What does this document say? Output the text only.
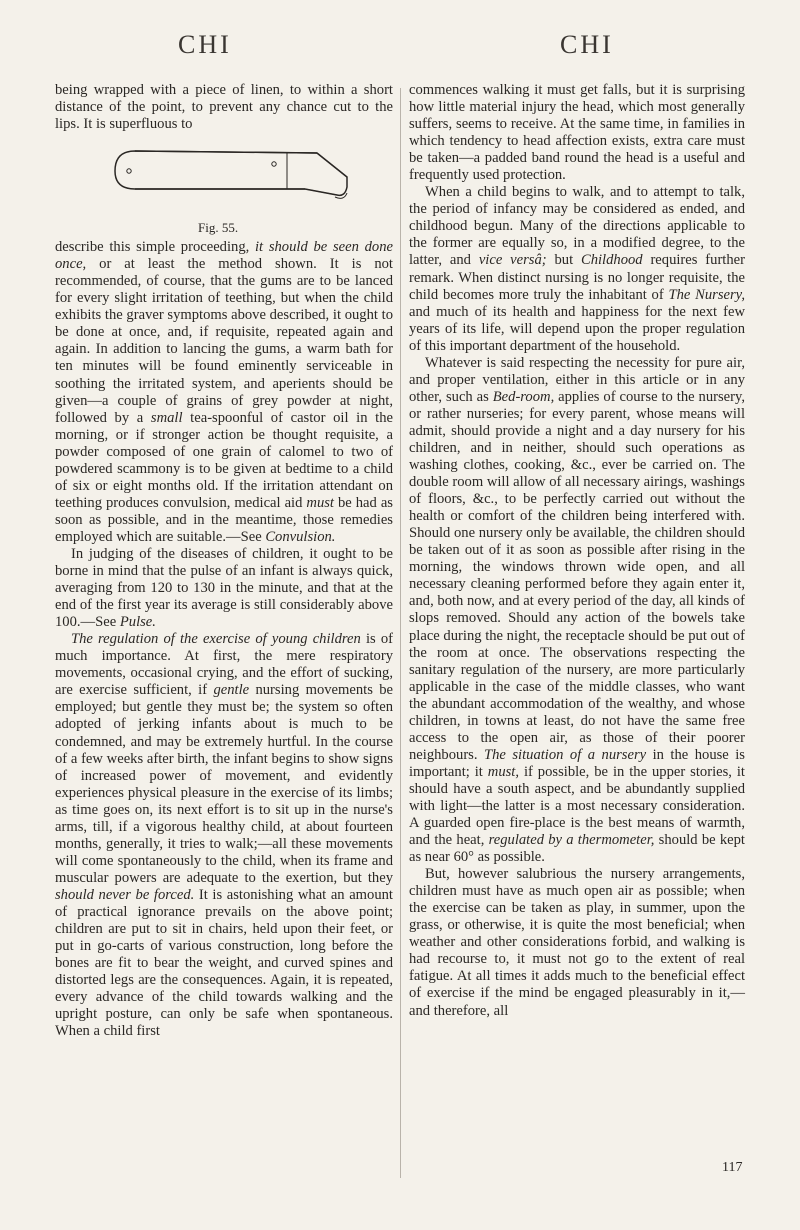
CHI	CHI

being wrapped with a piece of linen, to within a short distance of the point, to prevent any chance cut to the lips. It is superfluous to

Fig. 55.

describe this simple proceeding, it should be seen done once, or at least the method shown. It is not recommended, of course, that the gums are to be lanced for every slight irritation of teething, but when the child exhibits the graver symptoms above described, it ought to be done at once, and, if requisite, repeated again and again. In addition to lancing the gums, a warm bath for ten minutes will be found eminently serviceable in soothing the irritated system, and aperients should be given—a couple of grains of grey powder at night, followed by a small tea-spoonful of castor oil in the morning, or if stronger action be thought requisite, a powder composed of one grain of calomel to two of powdered scammony is to be given at bedtime to a child of six or eight months old. If the irritation attendant on teething produces convulsion, medical aid must be had as soon as possible, and in the meantime, those remedies employed which are suitable.—See Convulsion.

In judging of the diseases of children, it ought to be borne in mind that the pulse of an infant is always quick, averaging from 120 to 130 in the minute, and that at the end of the first year its average is still considerably above 100.—See Pulse.

The regulation of the exercise of young children is of much importance. At first, the mere respiratory movements, occasional crying, and the effort of sucking, are exercise sufficient, if gentle nursing movements be employed; but gentle they must be; the system so often adopted of jerking infants about is much to be condemned, and may be extremely hurtful. In the course of a few weeks after birth, the infant begins to show signs of increased power of movement, and evidently experiences physical pleasure in the exercise of its limbs; as time goes on, its next effort is to sit up in the nurse's arms, till, if a vigorous healthy child, at about fourteen months, generally, it tries to walk;—all these movements will come spontaneously to the child, when its frame and muscular powers are adequate to the exertion, but they should never be forced. It is astonishing what an amount of practical ignorance prevails on the above point; children are put to sit in chairs, held upon their feet, or put in go-carts of various construction, long before the bones are fit to bear the weight, and curved spines and distorted legs are the consequences. Again, it is repeated, every advance of the child towards walking and the upright posture, can only be safe when spontaneous. When a child first

commences walking it must get falls, but it is surprising how little material injury the head, which most generally suffers, seems to receive. At the same time, in families in which tendency to head affection exists, extra care must be taken—a padded band round the head is a useful and frequently used protection.

When a child begins to walk, and to attempt to talk, the period of infancy may be considered as ended, and childhood begun. Many of the directions applicable to the former are equally so, in a modified degree, to the latter, and vice versâ; but Childhood requires further remark. When distinct nursing is no longer requisite, the child becomes more truly the inhabitant of The Nursery, and much of its health and happiness for the next few years of its life, will depend upon the proper regulation of this important department of the household.

Whatever is said respecting the necessity for pure air, and proper ventilation, either in this article or in any other, such as Bed-room, applies of course to the nursery, or rather nurseries; for every parent, whose means will admit, should provide a night and a day nursery for his children, and in neither, should such operations as washing clothes, cooking, &c., ever be carried on. The double room will allow of all necessary airings, washings of floors, &c., to be perfectly carried out without the health or comfort of the children being interfered with. Should one nursery only be available, the children should be taken out of it as soon as possible after rising in the morning, the windows thrown wide open, and all necessary cleaning performed before they again enter it, and, both now, and at every period of the day, all kinds of slops removed. Should any action of the bowels take place during the night, the receptacle should be put out of the room at once. The observations respecting the sanitary regulation of the nursery, are more particularly applicable in the case of the middle classes, who want the abundant accommodation of the wealthy, and whose children, in towns at least, do not have the same free access to the open air, as those of their poorer neighbours. The situation of a nursery in the house is important; it must, if possible, be in the upper stories, it should have a south aspect, and be abundantly supplied with light—the latter is a most necessary consideration. A guarded open fire-place is the best means of warmth, and the heat, regulated by a thermometer, should be kept as near 60° as possible.

But, however salubrious the nursery arrangements, children must have as much open air as possible; when the exercise can be taken as play, in summer, upon the grass, or otherwise, it is quite the most beneficial; when weather and other considerations forbid, and walking is had recourse to, it must not go to the extent of real fatigue. At all times it adds much to the beneficial effect of exercise if the mind be engaged pleasurably in it,—and therefore, all

117
